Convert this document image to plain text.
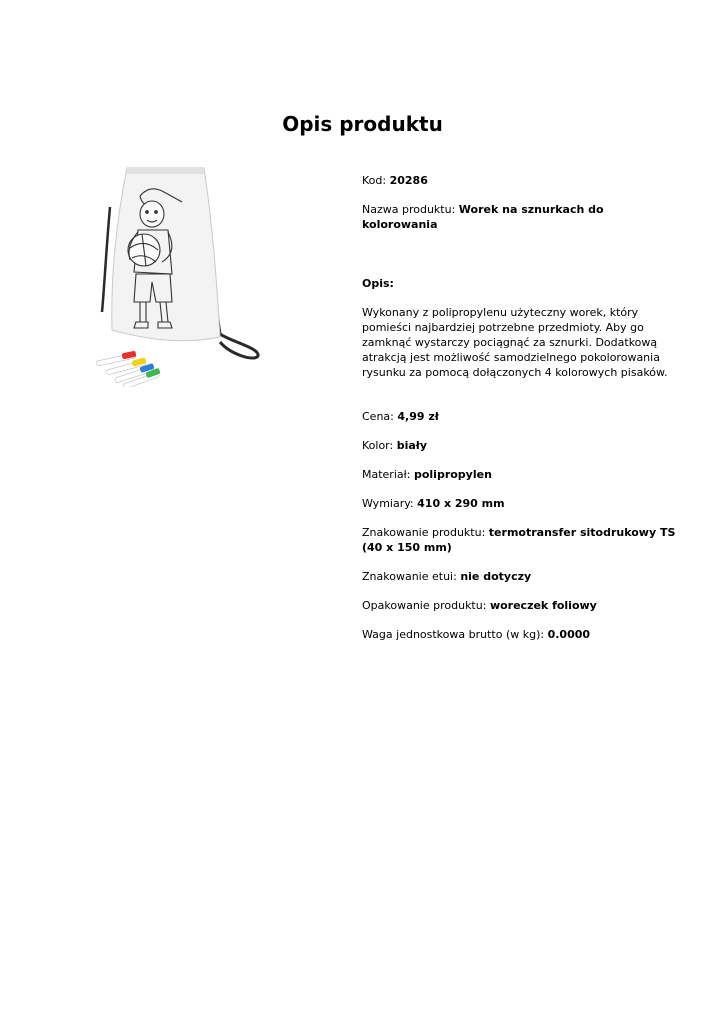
Opis produktu

Kod: 20286

Nazwa produktu: Worek na sznurkach do kolorowania

Opis:

Wykonany z polipropylenu użyteczny worek, który pomieści najbardziej potrzebne przedmioty. Aby go zamknąć wystarczy pociągnąć za sznurki. Dodatkową atrakcją jest możliwość samodzielnego pokolorowania rysunku za pomocą dołączonych 4 kolorowych pisaków.

Cena: 4,99 zł

Kolor: biały

Materiał: polipropylen

Wymiary: 410 x 290 mm

Znakowanie produktu: termotransfer sitodrukowy TS (40 x 150 mm)

Znakowanie etui: nie dotyczy

Opakowanie produktu: woreczek foliowy

Waga jednostkowa brutto (w kg): 0.0000
